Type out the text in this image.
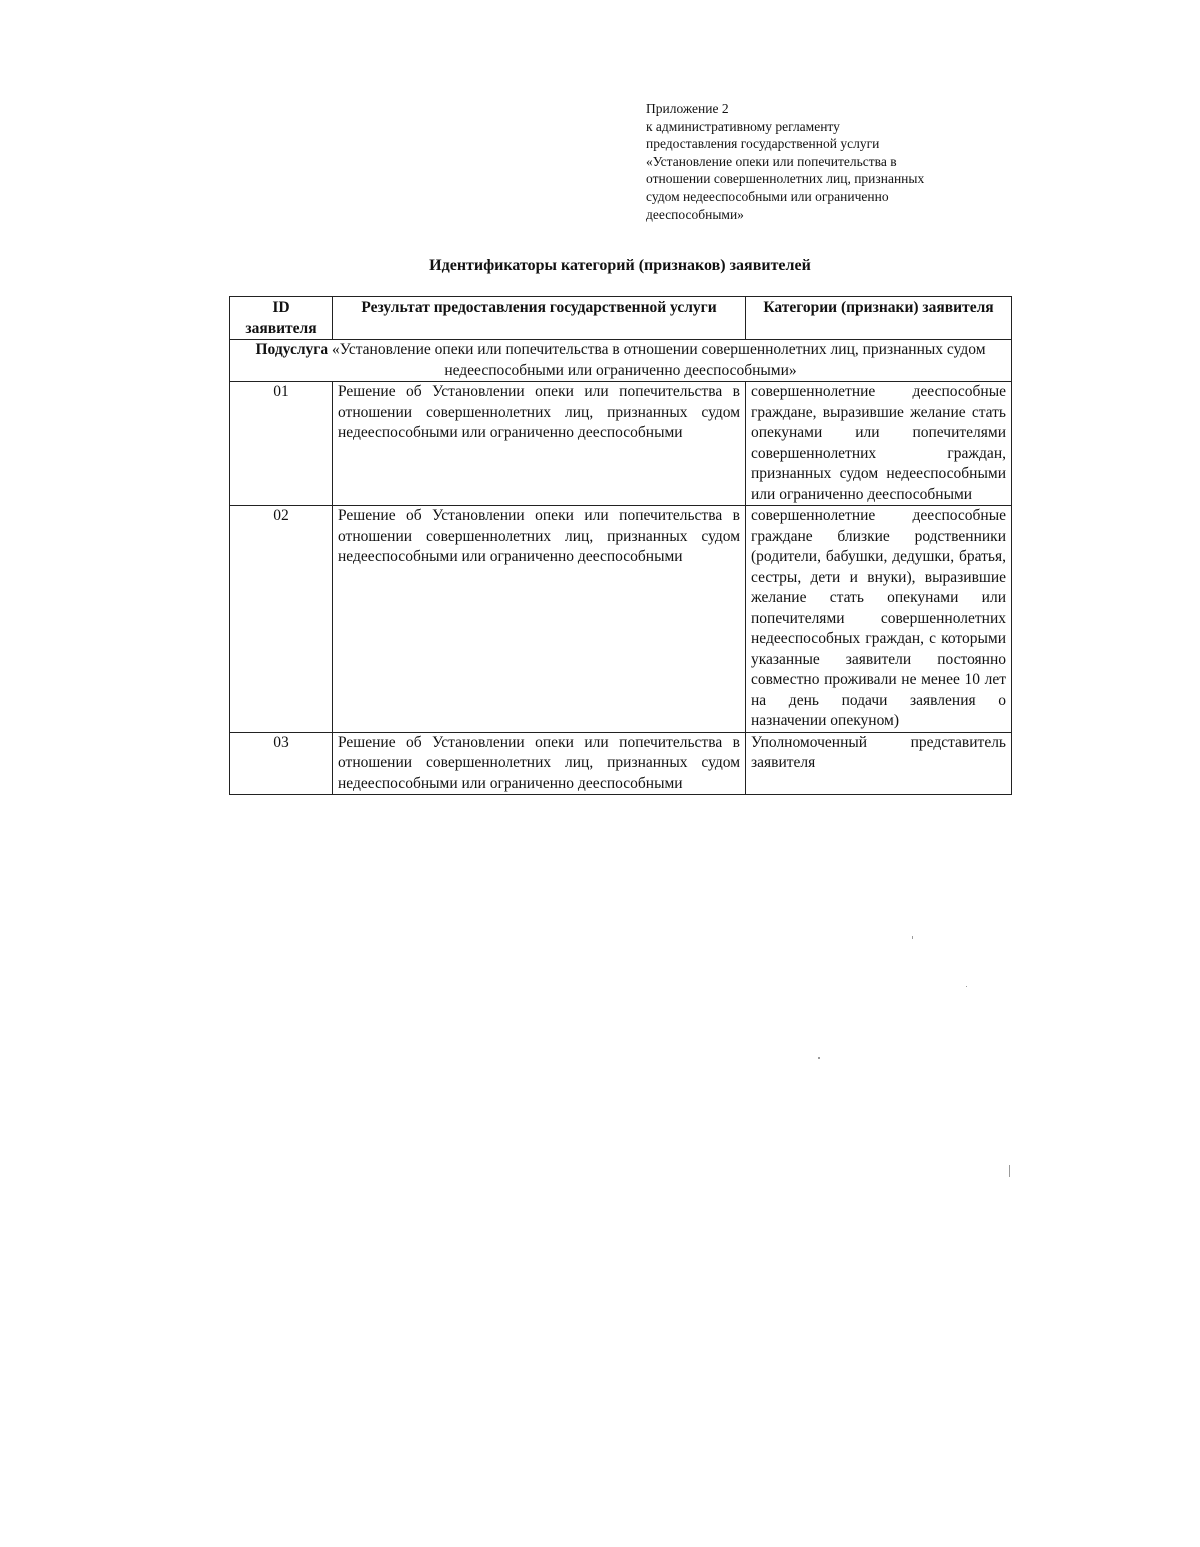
Приложение 2
к административному регламенту
предоставления государственной услуги
«Установление опеки или попечительства в
отношении совершеннолетних лиц, признанных
судом недееспособными или ограниченно
дееспособными»
Идентификаторы категорий (признаков) заявителей
ID заявителя	Результат предоставления государственной услуги	Категории (признаки) заявителя
Подуслуга «Установление опеки или попечительства в отношении совершеннолетних лиц, признанных судом недееспособными или ограниченно дееспособными»		
01	Решение об Установлении опеки или попечительства в отношении совершеннолетних лиц, признанных судом недееспособными или ограниченно дееспособными	совершеннолетние дееспособные граждане, выразившие желание стать опекунами или попечителями совершеннолетних граждан, признанных судом недееспособными или ограниченно дееспособными
02	Решение об Установлении опеки или попечительства в отношении совершеннолетних лиц, признанных судом недееспособными или ограниченно дееспособными	совершеннолетние дееспособные граждане близкие родственники (родители, бабушки, дедушки, братья, сестры, дети и внуки), выразившие желание стать опекунами или попечителями совершеннолетних недееспособных граждан, с которыми указанные заявители постоянно совместно проживали не менее 10 лет на день подачи заявления о назначении опекуном)
03	Решение об Установлении опеки или попечительства в отношении совершеннолетних лиц, признанных судом недееспособными или ограниченно дееспособными	Уполномоченный представитель заявителя
